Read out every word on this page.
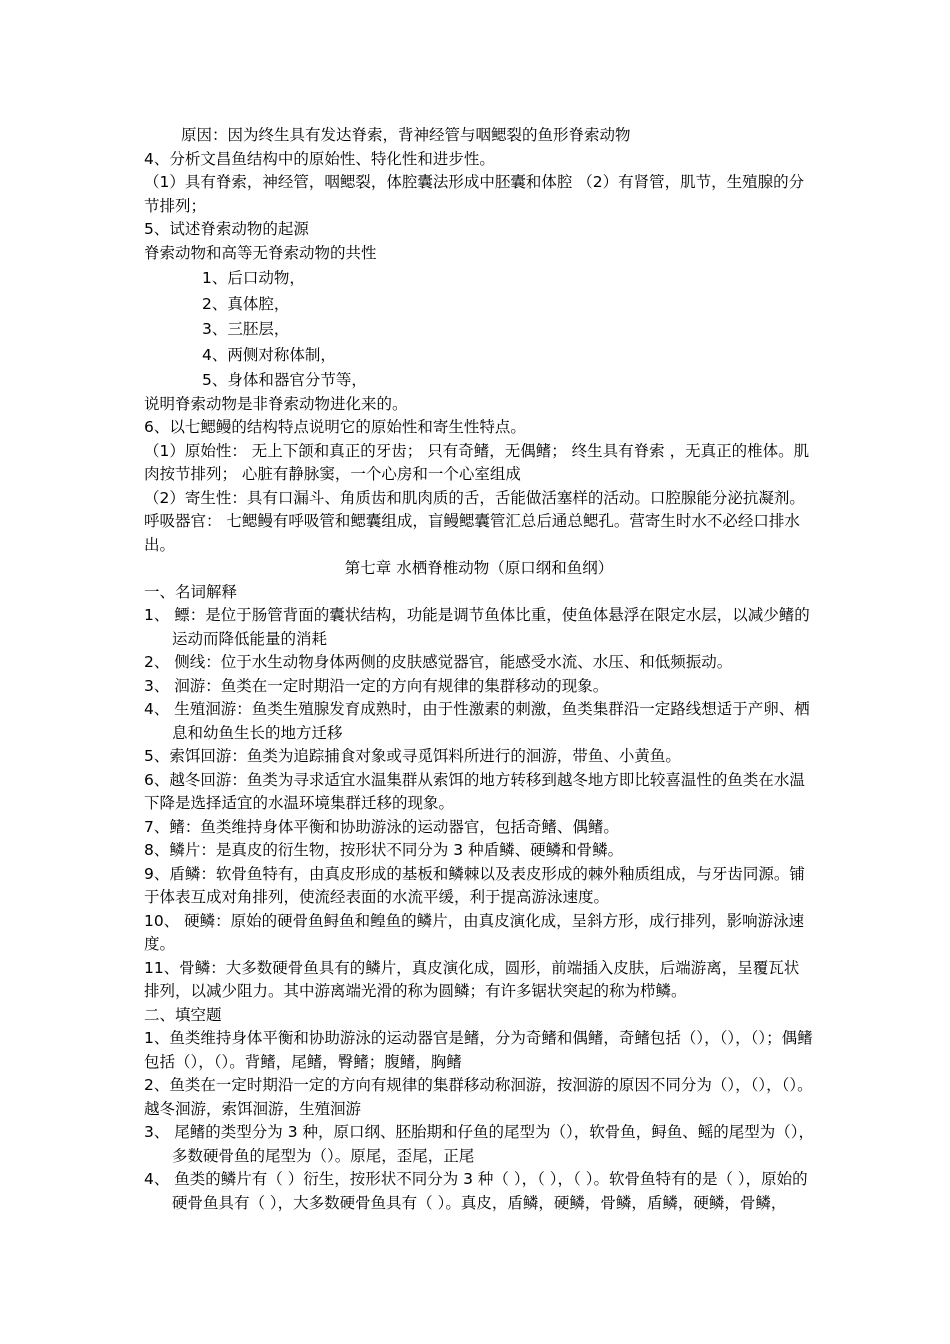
原因：因为终生具有发达脊索，背神经管与咽鳃裂的鱼形脊索动物

4、分析文昌鱼结构中的原始性、特化性和进步性。

（1）具有脊索，神经管，咽鳃裂，体腔囊法形成中胚囊和体腔 （2）有肾管，肌节，生殖腺的分节排列；

5、试述脊索动物的起源

脊索动物和高等无脊索动物的共性

1、后口动物，

2、真体腔，

3、三胚层，

4、两侧对称体制，

5、身体和器官分节等，

说明脊索动物是非脊索动物进化来的。

6、以七鳃鳗的结构特点说明它的原始性和寄生性特点。

（1）原始性： 无上下颌和真正的牙齿； 只有奇鳍，无偶鳍； 终生具有脊索 ，无真正的椎体。肌肉按节排列； 心脏有静脉窦，一个心房和一个心室组成

（2）寄生性：具有口漏斗、角质齿和肌肉质的舌，舌能做活塞样的活动。口腔腺能分泌抗凝剂。呼吸器官： 七鳃鳗有呼吸管和鳃囊组成，盲鳗鳃囊管汇总后通总鳃孔。营寄生时水不必经口排水出。

第七章 水栖脊椎动物（原口纲和鱼纲）

一、名词解释

1、 鳔：是位于肠管背面的囊状结构，功能是调节鱼体比重，使鱼体悬浮在限定水层，以减少鳍的运动而降低能量的消耗

2、 侧线：位于水生动物身体两侧的皮肤感觉器官，能感受水流、水压、和低频振动。

3、 洄游：鱼类在一定时期沿一定的方向有规律的集群移动的现象。

4、 生殖洄游：鱼类生殖腺发育成熟时，由于性激素的刺激，鱼类集群沿一定路线想适于产卵、栖息和幼鱼生长的地方迁移

5、索饵回游：鱼类为追踪捕食对象或寻觅饵料所进行的洄游，带鱼、小黄鱼。

6、越冬回游：鱼类为寻求适宜水温集群从索饵的地方转移到越冬地方即比较喜温性的鱼类在水温下降是选择适宜的水温环境集群迁移的现象。

7、鳍：鱼类维持身体平衡和协助游泳的运动器官，包括奇鳍、偶鳍。

8、鳞片：是真皮的衍生物，按形状不同分为 3 种盾鳞、硬鳞和骨鳞。

9、盾鳞：软骨鱼特有，由真皮形成的基板和鳞棘以及表皮形成的棘外釉质组成，与牙齿同源。铺于体表互成对角排列，使流经表面的水流平缓，利于提高游泳速度。

10、 硬鳞：原始的硬骨鱼鲟鱼和鳇鱼的鳞片，由真皮演化成，呈斜方形，成行排列，影响游泳速度。

11、骨鳞：大多数硬骨鱼具有的鳞片，真皮演化成，圆形，前端插入皮肤，后端游离，呈覆瓦状排列，以减少阻力。其中游离端光滑的称为圆鳞；有许多锯状突起的称为栉鳞。

二、填空题

1、鱼类维持身体平衡和协助游泳的运动器官是鳍，分为奇鳍和偶鳍，奇鳍包括（），（），（）；偶鳍包括（），（）。背鳍，尾鳍，臀鳍；腹鳍，胸鳍

2、鱼类在一定时期沿一定的方向有规律的集群移动称洄游，按洄游的原因不同分为（），（），（）。越冬洄游，索饵洄游，生殖洄游

3、 尾鳍的类型分为 3 种，原口纲、胚胎期和仔鱼的尾型为（），软骨鱼，鲟鱼、鳐的尾型为（），多数硬骨鱼的尾型为（）。原尾，歪尾，正尾

4、 鱼类的鳞片有（ ）衍生，按形状不同分为 3 种（ ），（ ），（ ）。软骨鱼特有的是（ ），原始的硬骨鱼具有（ ），大多数硬骨鱼具有（ ）。真皮，盾鳞，硬鳞，骨鳞，盾鳞，硬鳞，骨鳞，
